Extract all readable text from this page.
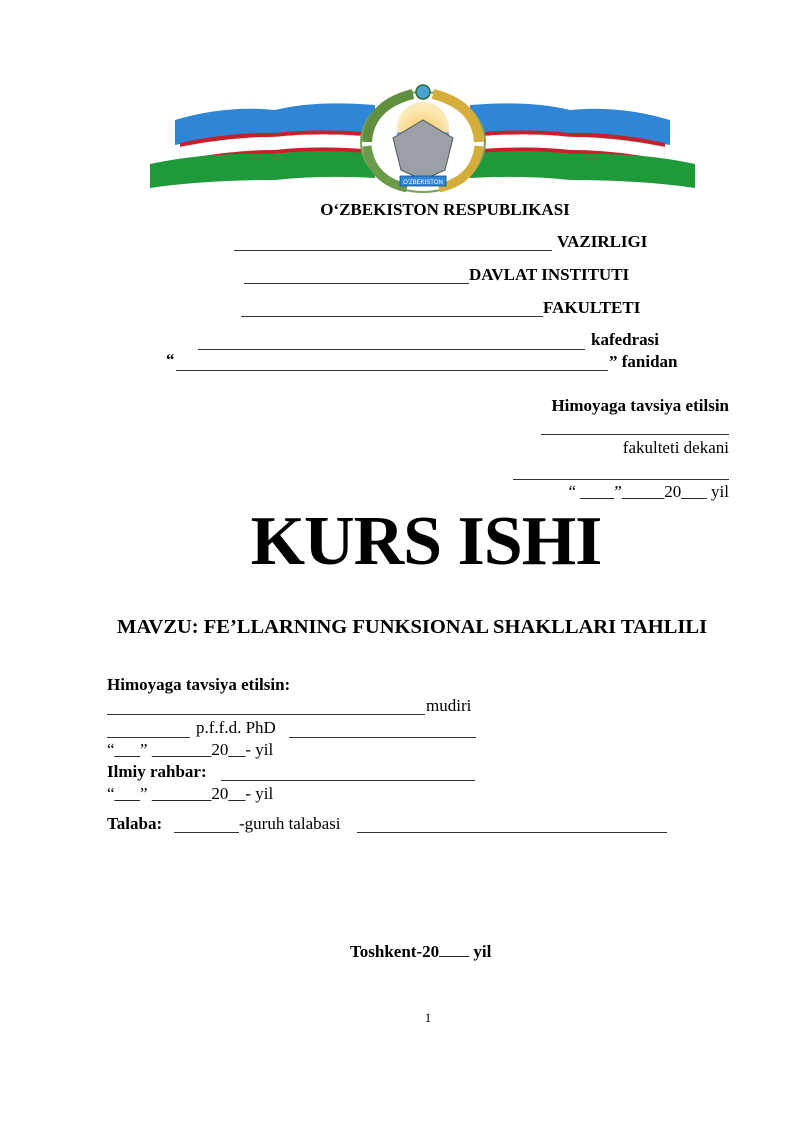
O'ZBEKISTON
O‘ZBEKISTON RESPUBLIKASI
VAZIRLIGI
DAVLAT INSTITUTI
FAKULTETI
kafedrasi
“	” fanidan
Himoyaga tavsiya etilsin
fakulteti dekani
“ ____”_____20___ yil
KURS ISHI
MAVZU: FE’LLARNING FUNKSIONAL SHAKLLARI TAHLILI
Himoyaga tavsiya etilsin:
mudiri
p.f.f.d. PhD
“___” _______20__- yil
Ilmiy rahbar:
“___” _______20__- yil
Talaba:	-guruh talabasi
Toshkent-20 yil
1
